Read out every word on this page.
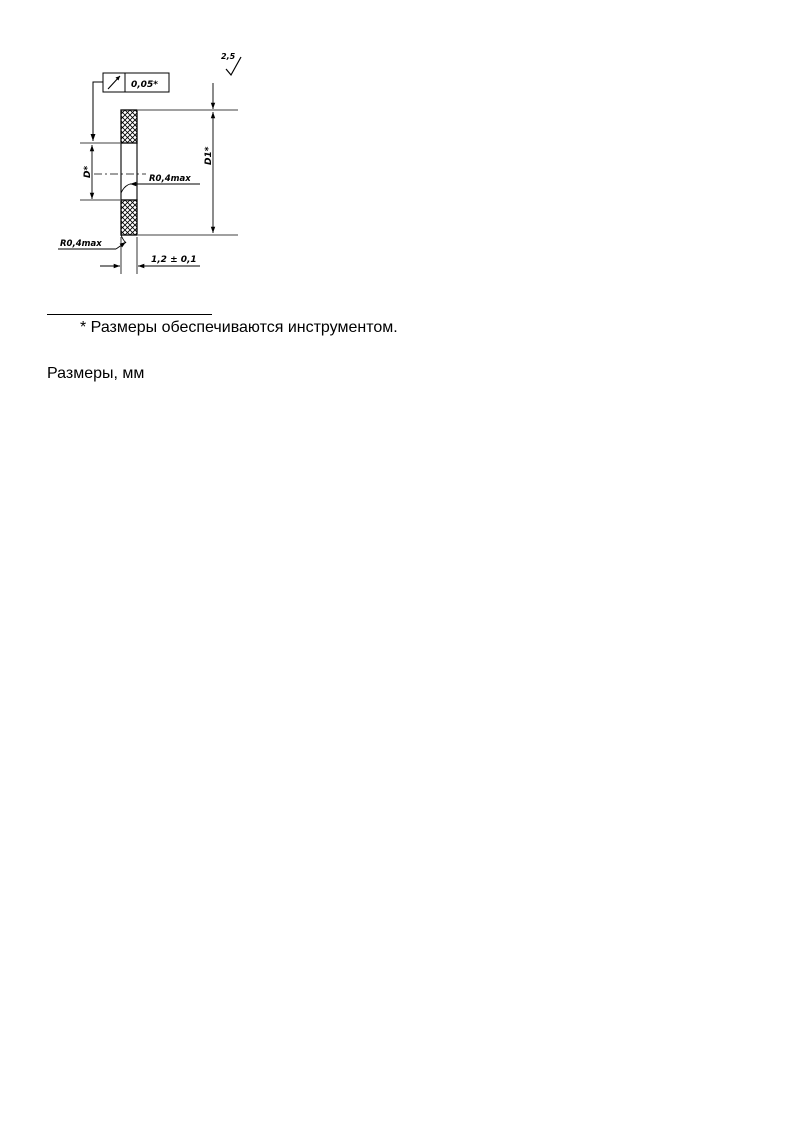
2,5
0,05*
D*
D1*
R0,4max
R0,4max
1,2 ± 0,1
* Размеры обеспечиваются инструментом.
Размеры, мм
